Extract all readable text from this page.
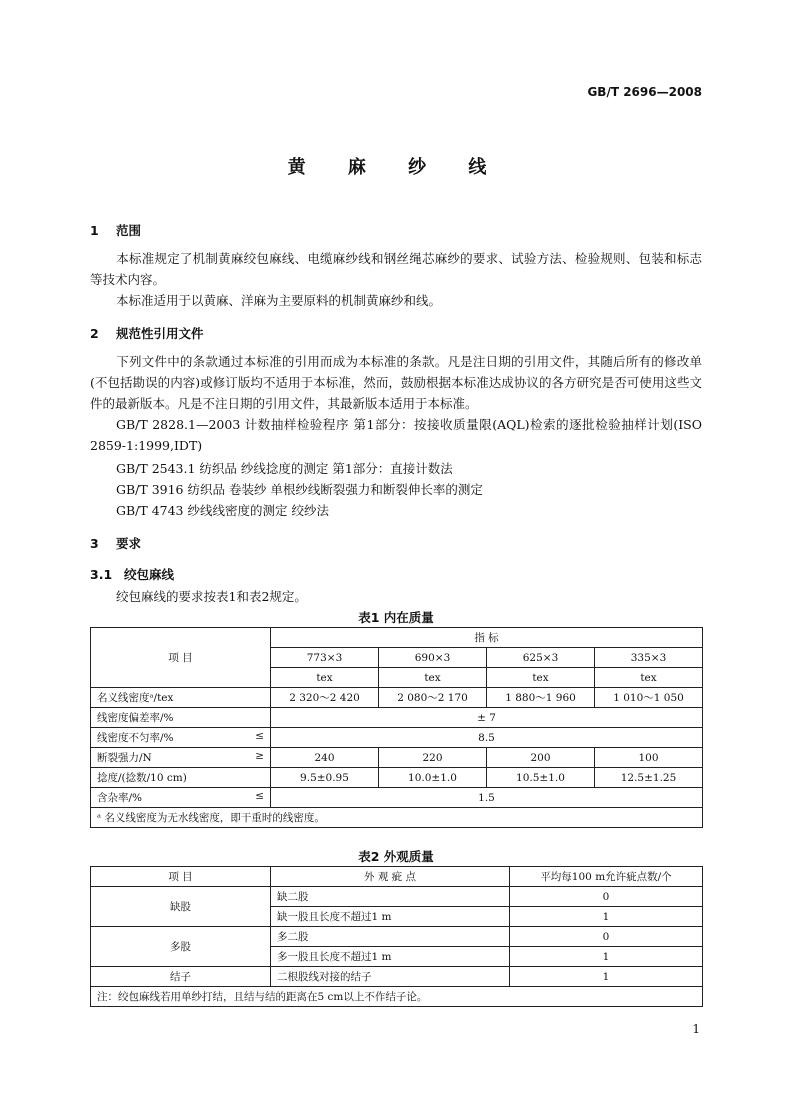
GB/T 2696—2008
黄 麻 纱 线
1 范围
本标准规定了机制黄麻绞包麻线、电缆麻纱线和钢丝绳芯麻纱的要求、试验方法、检验规则、包装和标志等技术内容。
本标准适用于以黄麻、洋麻为主要原料的机制黄麻纱和线。
2 规范性引用文件
下列文件中的条款通过本标准的引用而成为本标准的条款。凡是注日期的引用文件，其随后所有的修改单(不包括勘误的内容)或修订版均不适用于本标准，然而，鼓励根据本标准达成协议的各方研究是否可使用这些文件的最新版本。凡是不注日期的引用文件，其最新版本适用于本标准。
GB/T 2828.1—2003 计数抽样检验程序 第1部分：按接收质量限(AQL)检索的逐批检验抽样计划(ISO 2859-1:1999,IDT)
GB/T 2543.1 纺织品 纱线捻度的测定 第1部分：直接计数法
GB/T 3916 纺织品 卷装纱 单根纱线断裂强力和断裂伸长率的测定
GB/T 4743 纱线线密度的测定 绞纱法
3 要求
3.1 绞包麻线
绞包麻线的要求按表1和表2规定。
表1 内在质量
项 目	指 标			
	773×3	690×3	625×3	335×3
	tex	tex	tex	tex
名义线密度ᵃ/tex	2 320～2 420	2 080～2 170	1 880～1 960	1 010～1 050
线密度偏差率/%	± 7			

线密度不匀率/% ≤	8.5			

断裂强力/N ≥	240	220	200	100
捻度/(捻数/10 cm)	9.5±0.95	10.0±1.0	10.5±1.0	12.5±1.25

含杂率/% ≤	1.5			
ᵃ 名义线密度为无水线密度，即干重时的线密度。				
表2 外观质量
项 目	外 观 疵 点	平均每100 m允许疵点数/个
缺股	缺二股	0
	缺一股且长度不超过1 m	1
多股	多二股	0
	多一股且长度不超过1 m	1
结子	二根股线对接的结子	1
注：绞包麻线若用单纱打结，且结与结的距离在5 cm以上不作结子论。		
1
